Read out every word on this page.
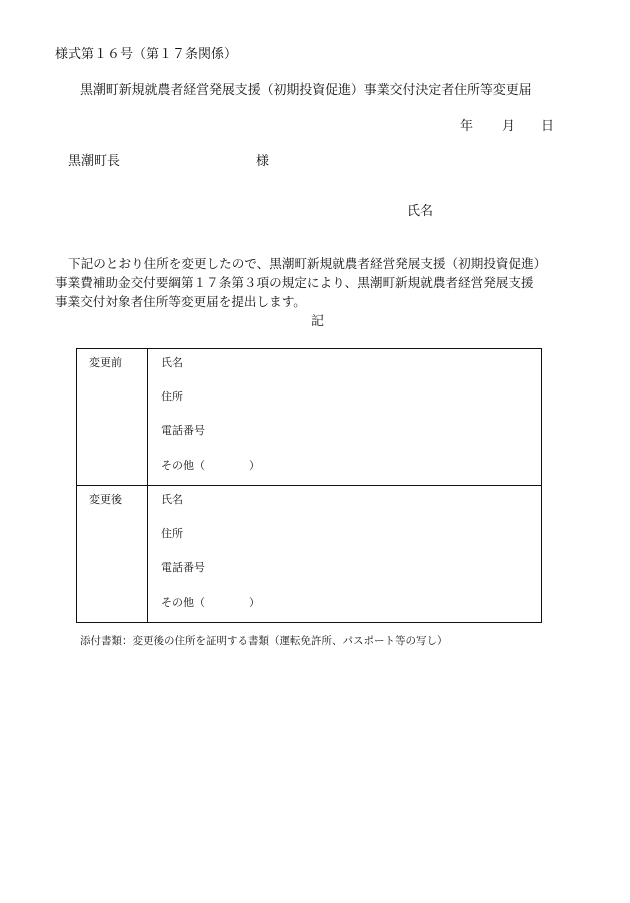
様式第１６号（第１７条関係）
黒潮町新規就農者経営発展支援（初期投資促進）事業交付決定者住所等変更届
年 月 日
黒潮町長	様
氏名
下記のとおり住所を変更したので、黒潮町新規就農者経営発展支援（初期投資促進）
事業費補助金交付要綱第１７条第３項の規定により、黒潮町新規就農者経営発展支援
事業交付対象者住所等変更届を提出します。
記
変更前	氏名
住所
電話番号
その他（　　　　）

変更後	氏名
住所
電話番号
その他（　　　　）
添付書類：変更後の住所を証明する書類（運転免許所、パスポート等の写し）
